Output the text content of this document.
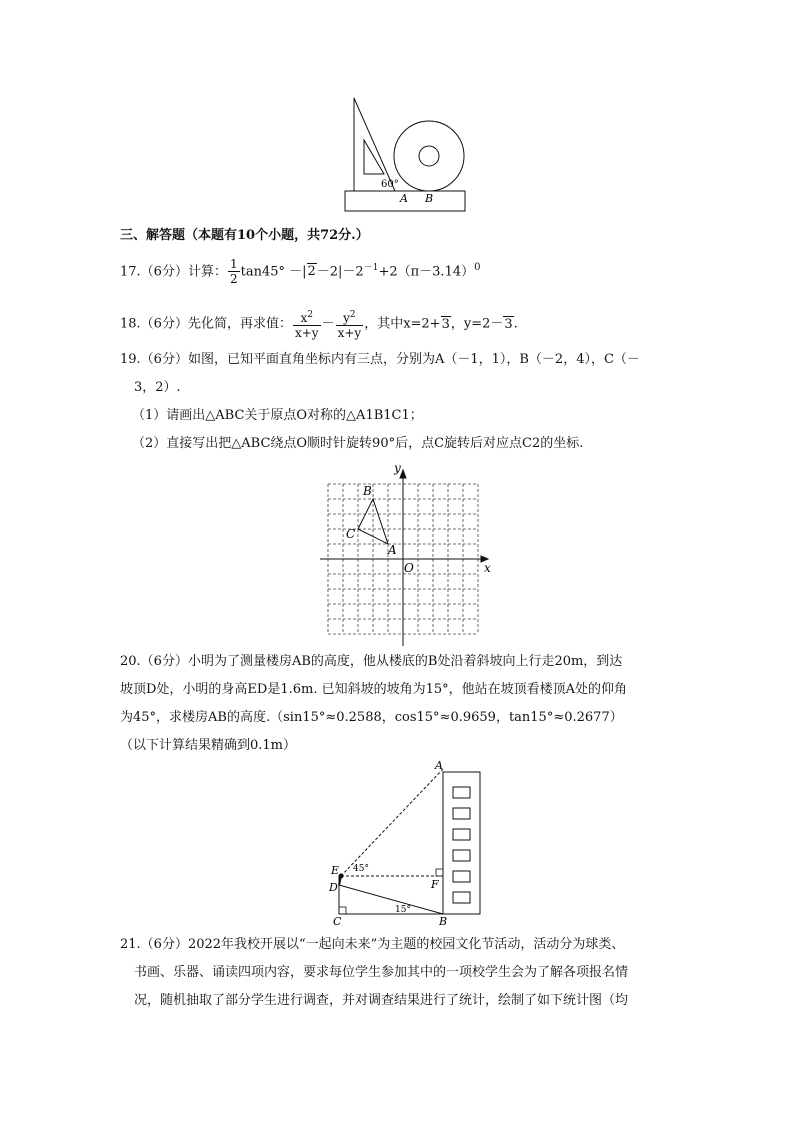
60°
A B
三、解答题（本题有10个小题，共72分.）
17.（6分）计算： $\frac{1}{2} \tan 45^\circ -|2-2|-2^{-1}+2(\pi-3.14)^0$
18.（6分）先化简，再求值： $\frac{x^2}{x+y} - \frac{y^2}{x+y}$ ，其中x=2+3，y=2－3.
19.（6分）如图，已知平面直角坐标内有三点，分别为A（－1，1），B（－2，4），C（－
3，2）.
（1）请画出△ABC关于原点O对称的△A1B1C1；
（2）直接写出把△ABC绕点O顺时针旋转90°后，点C旋转后对应点C2的坐标.
x
y
O
A
B
C
20.（6分）小明为了测量楼房AB的高度，他从楼底的B处沿着斜坡向上行走20m，到达
坡顶D处，小明的身高ED是1.6m. 已知斜坡的坡角为15°，他站在坡顶看楼顶A处的仰角
为45°，求楼房AB的高度.（sin15°≈0.2588，cos15°≈0.9659，tan15°≈0.2677）
（以下计算结果精确到0.1m）
A
E
D	F
C	B
45°
15°
21.（6分）2022年我校开展以“一起向未来”为主题的校园文化节活动，活动分为球类、
书画、乐器、诵读四项内容，要求每位学生参加其中的一项校学生会为了解各项报名情
况，随机抽取了部分学生进行调查，并对调查结果进行了统计，绘制了如下统计图（均
